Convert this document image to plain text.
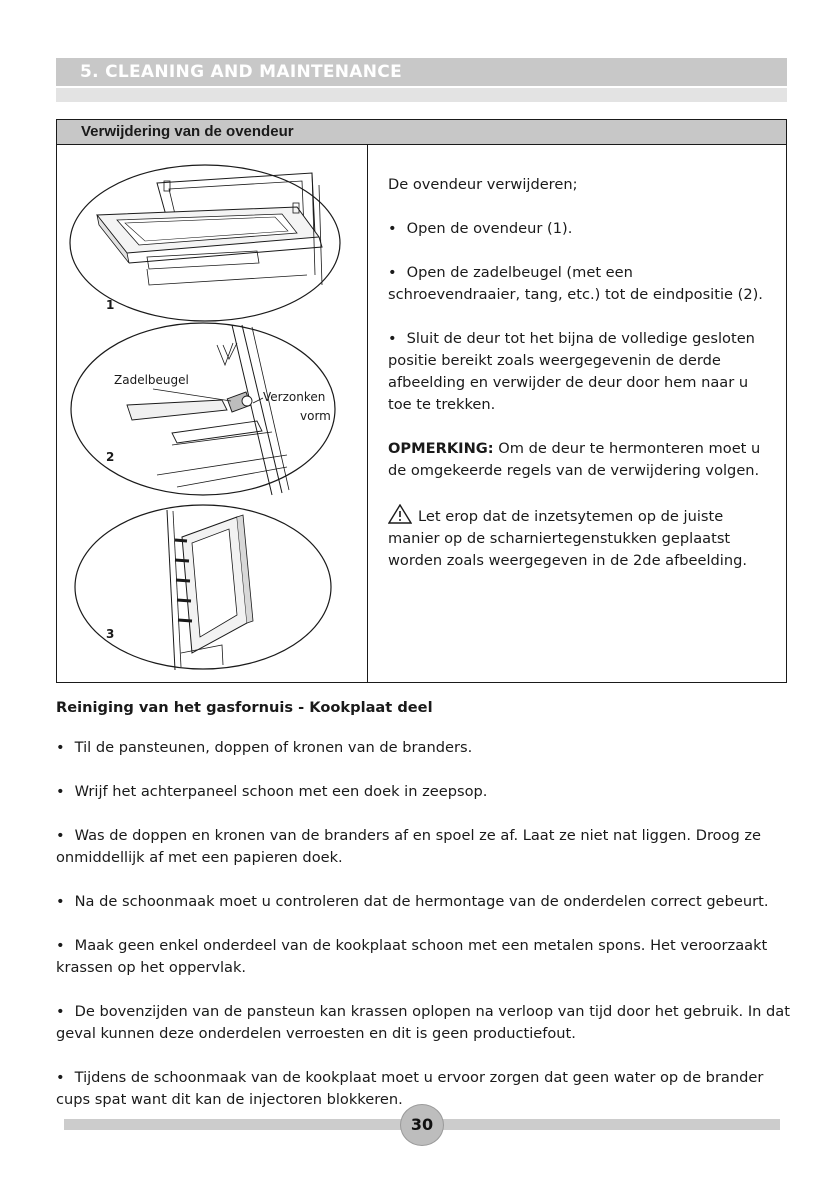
5. CLEANING AND MAINTENANCE
Verwijdering van de ovendeur
1
Zadelbeugel
Verzonken
vorm
2
3

De ovendeur verwijderen;

• Open de ovendeur (1).

• Open de zadelbeugel (met een schroevendraaier, tang, etc.) tot de eindpositie (2).

• Sluit de deur tot het bijna de volledige gesloten positie bereikt zoals weergegevenin de derde afbeelding en verwijder de deur door hem naar u toe te trekken.

OPMERKING: Om de deur te hermonteren moet u de omgekeerde regels van de verwijdering volgen.

Let erop dat de inzetsytemen op de juiste manier op de scharniertegenstukken geplaatst worden zoals weergegeven in de 2de afbeelding.

Reiniging van het gasfornuis - Kookplaat deel

• Til de pansteunen, doppen of kronen van de branders.

• Wrijf het achterpaneel schoon met een doek in zeepsop.

• Was de doppen en kronen van de branders af en spoel ze af. Laat ze niet nat liggen. Droog ze onmiddellijk af met een papieren doek.

• Na de schoonmaak moet u controleren dat de hermontage van de onderdelen correct gebeurt.

• Maak geen enkel onderdeel van de kookplaat schoon met een metalen spons. Het veroorzaakt krassen op het oppervlak.

• De bovenzijden van de pansteun kan krassen oplopen na verloop van tijd door het gebruik. In dat geval kunnen deze onderdelen verroesten en dit is geen productiefout.

• Tijdens de schoonmaak van de kookplaat moet u ervoor zorgen dat geen water op de brander cups spat want dit kan de injectoren blokkeren.

30
